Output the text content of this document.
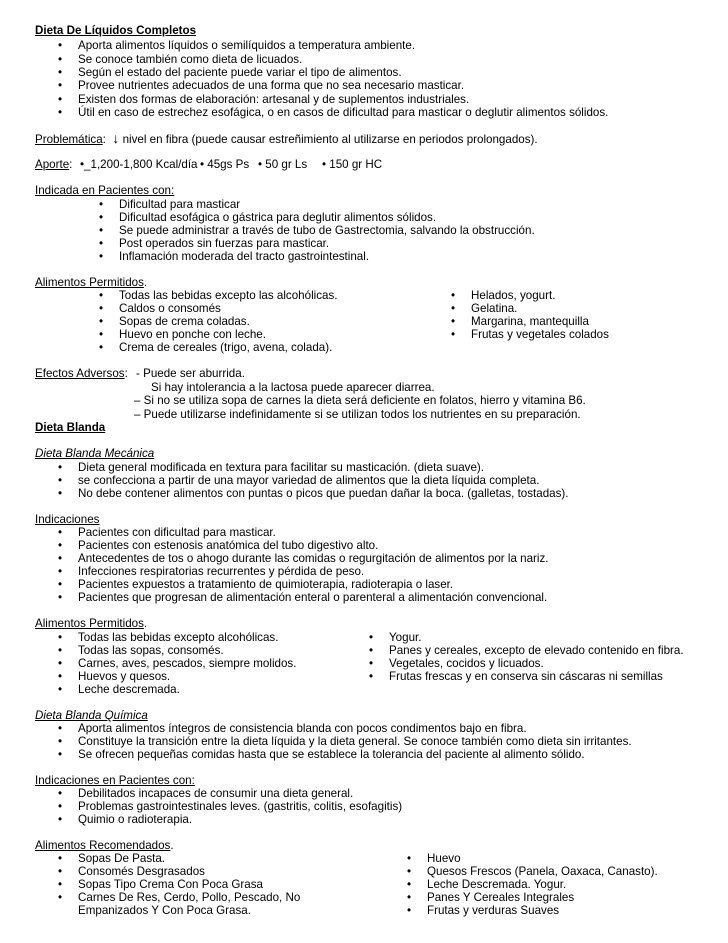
Dieta De Líquidos Completos
• Aporta alimentos líquidos o semilíquidos a temperatura ambiente.
• Se conoce también como dieta de licuados.
• Según el estado del paciente puede variar el tipo de alimentos.
• Provee nutrientes adecuados de una forma que no sea necesario masticar.
• Existen dos formas de elaboración: artesanal y de suplementos industriales.
• Útil en caso de estrechez esofágica, o en casos de dificultad para masticar o deglutir alimentos sólidos.
Problemática:  ↓ nivel en fibra (puede causar estreñimiento al utilizarse en periodos prolongados).
Aporte: •_1,200-1,800 Kcal/día • 45gs Ps • 50 gr Ls • 150 gr HC
Indicada en Pacientes con:
• Dificultad para masticar
• Dificultad esofágica o gástrica para deglutir alimentos sólidos.
• Se puede administrar a través de tubo de Gastrectomia, salvando la obstrucción.
• Post operados sin fuerzas para masticar.
• Inflamación moderada del tracto gastrointestinal.
Alimentos Permitidos.
• Todas las bebidas excepto las alcohólicas.
• Caldos o consomés
• Sopas de crema coladas.
• Huevo en ponche con leche.
• Crema de cereales (trigo, avena, colada).
• Helados, yogurt.
• Gelatina.
• Margarina, mantequilla
• Frutas y vegetales colados
Efectos Adversos: - Puede ser aburrida.
Si hay intolerancia a la lactosa puede aparecer diarrea.
– Si no se utiliza sopa de carnes la dieta será deficiente en folatos, hierro y vitamina B6.
– Puede utilizarse indefinidamente si se utilizan todos los nutrientes en su preparación.
Dieta Blanda
Dieta Blanda Mecánica
• Dieta general modificada en textura para facilitar su masticación. (dieta suave).
• se confecciona a partir de una mayor variedad de alimentos que la dieta líquida completa.
• No debe contener alimentos con puntas o picos que puedan dañar la boca. (galletas, tostadas).
Indicaciones
• Pacientes con dificultad para masticar.
• Pacientes con estenosis anatómica del tubo digestivo alto.
• Antecedentes de tos o ahogo durante las comidas o regurgitación de alimentos por la nariz.
• Infecciones respiratorias recurrentes y pérdida de peso.
• Pacientes expuestos a tratamiento de quimioterapia, radioterapia o laser.
• Pacientes que progresan de alimentación enteral o parenteral a alimentación convencional.
Alimentos Permitidos.
• Todas las bebidas excepto alcohólicas.
• Todas las sopas, consomés.
• Carnes, aves, pescados, siempre molidos.
• Huevos y quesos.
• Leche descremada.
• Yogur.
• Panes y cereales, excepto de elevado contenido en fibra.
• Vegetales, cocidos y licuados.
• Frutas frescas y en conserva sin cáscaras ni semillas
Dieta Blanda Química
• Aporta alimentos íntegros de consistencia blanda con pocos condimentos bajo en fibra.
• Constituye la transición entre la dieta líquida y la dieta general. Se conoce también como dieta sin irritantes.
• Se ofrecen pequeñas comidas hasta que se establece la tolerancia del paciente al alimento sólido.
Indicaciones en Pacientes con:
• Debilitados incapaces de consumir una dieta general.
• Problemas gastrointestinales leves. (gastritis, colitis, esofagitis)
• Quimio o radioterapia.
Alimentos Recomendados.
• Sopas De Pasta.
• Consomés Desgrasados
• Sopas Tipo Crema Con Poca Grasa
• Carnes De Res, Cerdo, Pollo, Pescado, No
Empanizados Y Con Poca Grasa.
• Huevo
• Quesos Frescos (Panela, Oaxaca, Canasto).
• Leche Descremada. Yogur.
• Panes Y Cereales Integrales
• Frutas y verduras Suaves
